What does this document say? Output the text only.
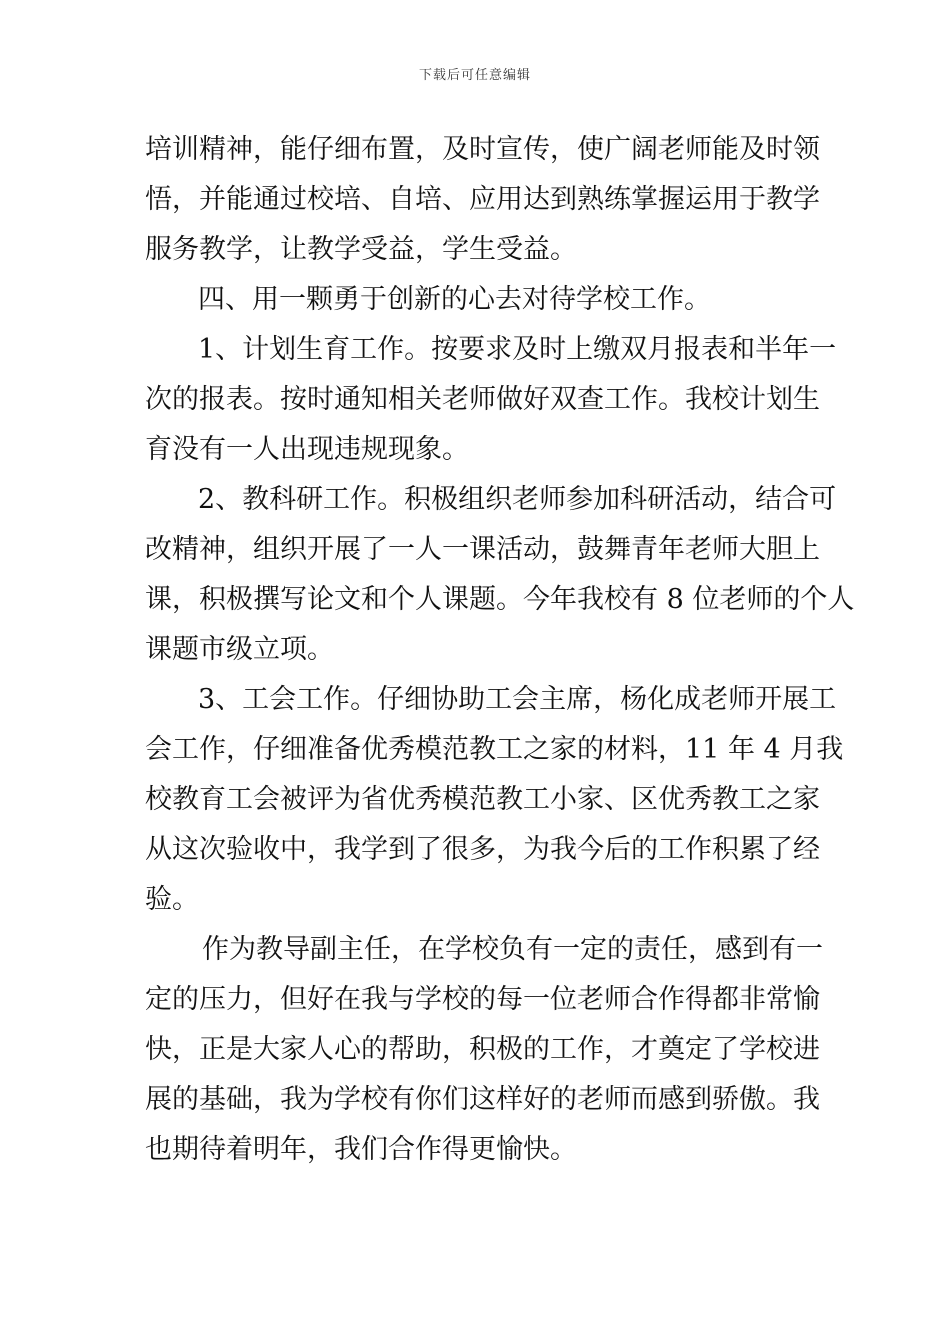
下载后可任意编辑
培训精神，能仔细布置，及时宣传，使广阔老师能及时领
悟，并能通过校培、自培、应用达到熟练掌握运用于教学
服务教学，让教学受益，学生受益。
四、用一颗勇于创新的心去对待学校工作。
1、计划生育工作。按要求及时上缴双月报表和半年一
次的报表。按时通知相关老师做好双查工作。我校计划生
育没有一人出现违规现象。
2、教科研工作。积极组织老师参加科研活动，结合可
改精神，组织开展了一人一课活动，鼓舞青年老师大胆上
课，积极撰写论文和个人课题。今年我校有 8 位老师的个人
课题市级立项。
3、工会工作。仔细协助工会主席，杨化成老师开展工
会工作，仔细准备优秀模范教工之家的材料，11 年 4 月我
校教育工会被评为省优秀模范教工小家、区优秀教工之家
从这次验收中，我学到了很多，为我今后的工作积累了经
验。
作为教导副主任，在学校负有一定的责任，感到有一
定的压力，但好在我与学校的每一位老师合作得都非常愉
快，正是大家人心的帮助，积极的工作，才奠定了学校进
展的基础，我为学校有你们这样好的老师而感到骄傲。我
也期待着明年，我们合作得更愉快。
